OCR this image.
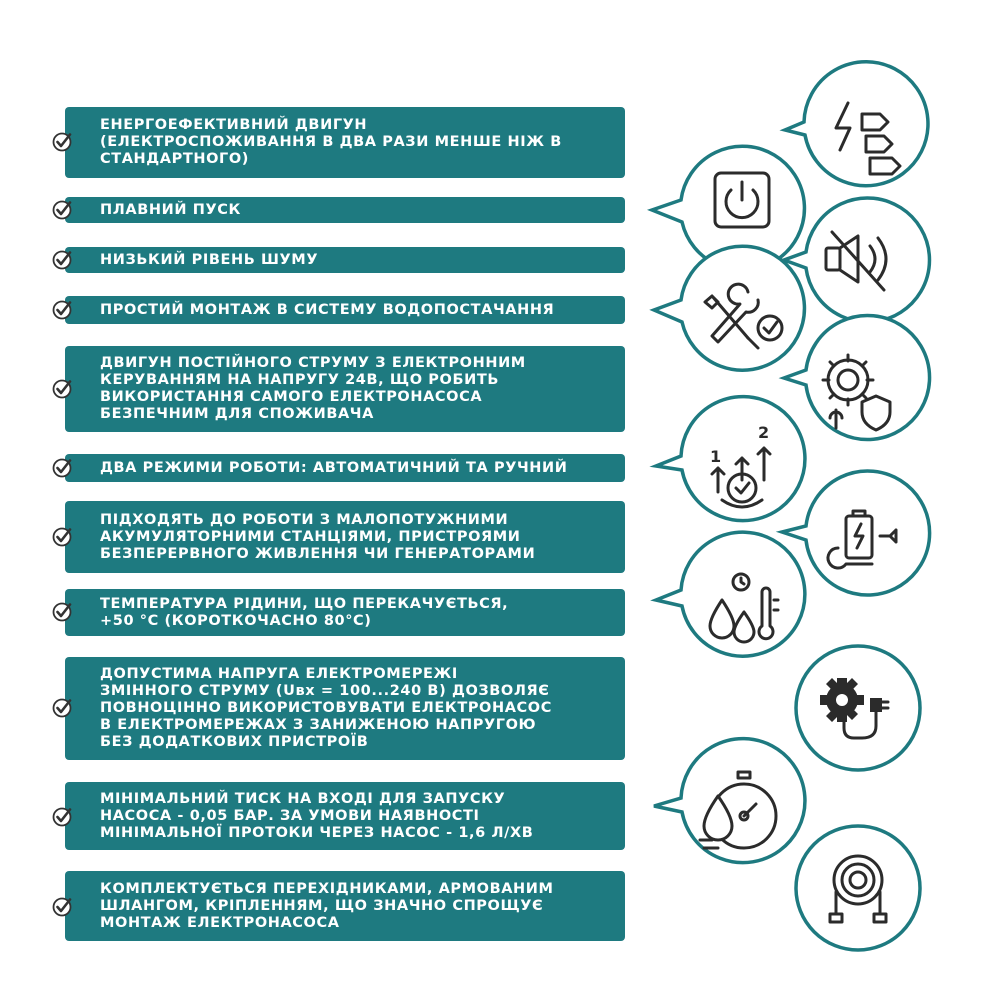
ЕНЕРГОЕФЕКТИВНИЙ ДВИГУН
(ЕЛЕКТРОСПОЖИВАННЯ В ДВА РАЗИ МЕНШЕ НІЖ В
СТАНДАРТНОГО)
ПЛАВНИЙ ПУСК
НИЗЬКИЙ РІВЕНЬ ШУМУ
ПРОСТИЙ МОНТАЖ В СИСТЕМУ ВОДОПОСТАЧАННЯ
ДВИГУН ПОСТІЙНОГО СТРУМУ З ЕЛЕКТРОННИМ
КЕРУВАННЯМ НА НАПРУГУ 24В, ЩО РОБИТЬ
ВИКОРИСТАННЯ САМОГО ЕЛЕКТРОНАСОСА
БЕЗПЕЧНИМ ДЛЯ СПОЖИВАЧА
ДВА РЕЖИМИ РОБОТИ: АВТОМАТИЧНИЙ ТА РУЧНИЙ
ПІДХОДЯТЬ ДО РОБОТИ З МАЛОПОТУЖНИМИ
АКУМУЛЯТОРНИМИ СТАНЦІЯМИ, ПРИСТРОЯМИ
БЕЗПЕРЕРВНОГО ЖИВЛЕННЯ ЧИ ГЕНЕРАТОРАМИ
ТЕМПЕРАТУРА РІДИНИ, ЩО ПЕРЕКАЧУЄТЬСЯ,
+50 °С (КОРОТКОЧАСНО 80°С)
ДОПУСТИМА НАПРУГА ЕЛЕКТРОМЕРЕЖІ
ЗМІННОГО СТРУМУ (Uвх = 100...240 В) ДОЗВОЛЯЄ
ПОВНОЦІННО ВИКОРИСТОВУВАТИ ЕЛЕКТРОНАСОС
В ЕЛЕКТРОМЕРЕЖАХ З ЗАНИЖЕНОЮ НАПРУГОЮ
БЕЗ ДОДАТКОВИХ ПРИСТРОЇВ
МІНІМАЛЬНИЙ ТИСК НА ВХОДІ ДЛЯ ЗАПУСКУ
НАСОСА - 0,05 БАР. ЗА УМОВИ НАЯВНОСТІ
МІНІМАЛЬНОЇ ПРОТОКИ ЧЕРЕЗ НАСОС - 1,6 Л/ХВ
КОМПЛЕКТУЄТЬСЯ ПЕРЕХІДНИКАМИ, АРМОВАНИМ
ШЛАНГОМ, КРІПЛЕННЯМ, ЩО ЗНАЧНО СПРОЩУЄ
МОНТАЖ ЕЛЕКТРОНАСОСА
1
2
